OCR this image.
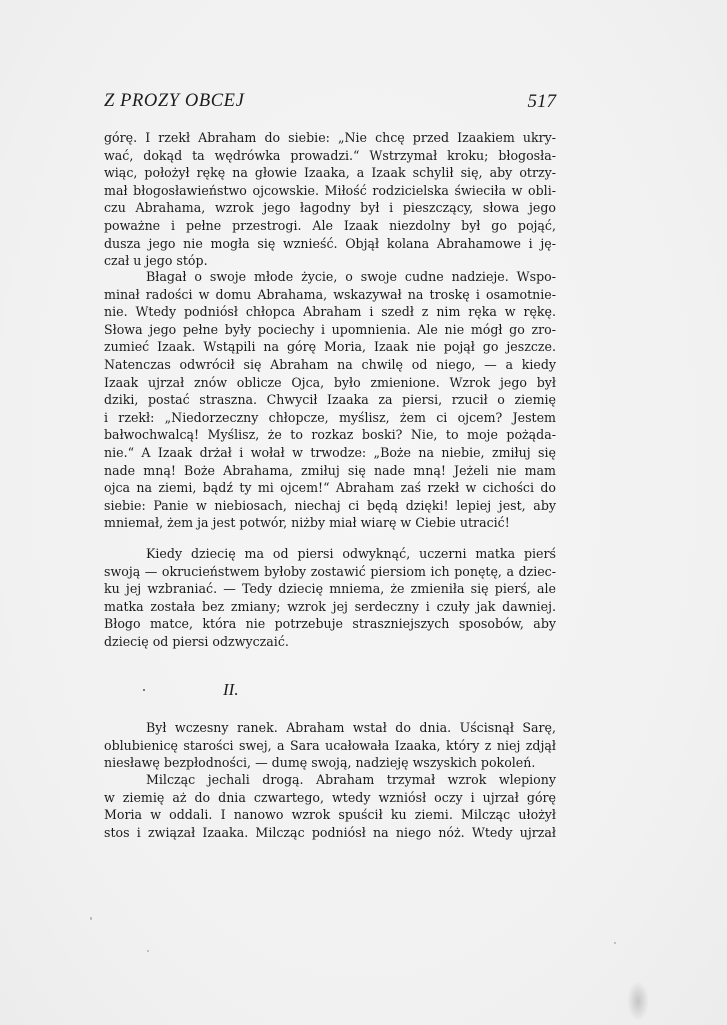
Z PROZY OBCEJ	517
górę. I rzekł Abraham do siebie: „Nie chcę przed Izaakiem ukry-
wać, dokąd ta wędrówka prowadzi.“ Wstrzymał kroku; błogosła-
wiąc, położył rękę na głowie Izaaka, a Izaak schylił się, aby otrzy-
mał błogosławieństwo ojcowskie. Miłość rodzicielska świeciła w obli-
czu Abrahama, wzrok jego łagodny był i pieszczący, słowa jego
poważne i pełne przestrogi. Ale Izaak niezdolny był go pojąć,
dusza jego nie mogła się wznieść. Objął kolana Abrahamowe i ję-
czał u jego stóp.
Błagał o swoje młode życie, o swoje cudne nadzieje. Wspo-
minał radości w domu Abrahama, wskazywał na troskę i osamotnie-
nie. Wtedy podniósł chłopca Abraham i szedł z nim ręka w rękę.
Słowa jego pełne były pociechy i upomnienia. Ale nie mógł go zro-
zumieć Izaak. Wstąpili na górę Moria, Izaak nie pojął go jeszcze.
Natenczas odwrócił się Abraham na chwilę od niego, — a kiedy
Izaak ujrzał znów oblicze Ojca, było zmienione. Wzrok jego był
dziki, postać straszna. Chwycił Izaaka za piersi, rzucił o ziemię
i rzekł: „Niedorzeczny chłopcze, myślisz, żem ci ojcem? Jestem
bałwochwalcą! Myślisz, że to rozkaz boski? Nie, to moje pożąda-
nie.“ A Izaak drżał i wołał w trwodze: „Boże na niebie, zmiłuj się
nade mną! Boże Abrahama, zmiłuj się nade mną! Jeżeli nie mam
ojca na ziemi, bądź ty mi ojcem!“ Abraham zaś rzekł w cichości do
siebie: Panie w niebiosach, niechaj ci będą dzięki! lepiej jest, aby
mniemał, żem ja jest potwór, niżby miał wiarę w Ciebie utracić!
Kiedy dziecię ma od piersi odwyknąć, uczerni matka pierś
swoją — okrucieństwem byłoby zostawić piersiom ich ponętę, a dziec-
ku jej wzbraniać. — Tedy dziecię mniema, że zmieniła się pierś, ale
matka została bez zmiany; wzrok jej serdeczny i czuły jak dawniej.
Błogo matce, która nie potrzebuje straszniejszych sposobów, aby
dziecię od piersi odzwyczaić.
II.
Był wczesny ranek. Abraham wstał do dnia. Uścisnął Sarę,
oblubienicę starości swej, a Sara ucałowała Izaaka, który z niej zdjął
niesławę bezpłodności, — dumę swoją, nadzieję wszyskich pokoleń.
Milcząc jechali drogą. Abraham trzymał wzrok wlepiony
w ziemię aż do dnia czwartego, wtedy wzniósł oczy i ujrzał górę
Moria w oddali. I nanowo wzrok spuścił ku ziemi. Milcząc ułożył
stos i związał Izaaka. Milcząc podniósł na niego nóż. Wtedy ujrzał
